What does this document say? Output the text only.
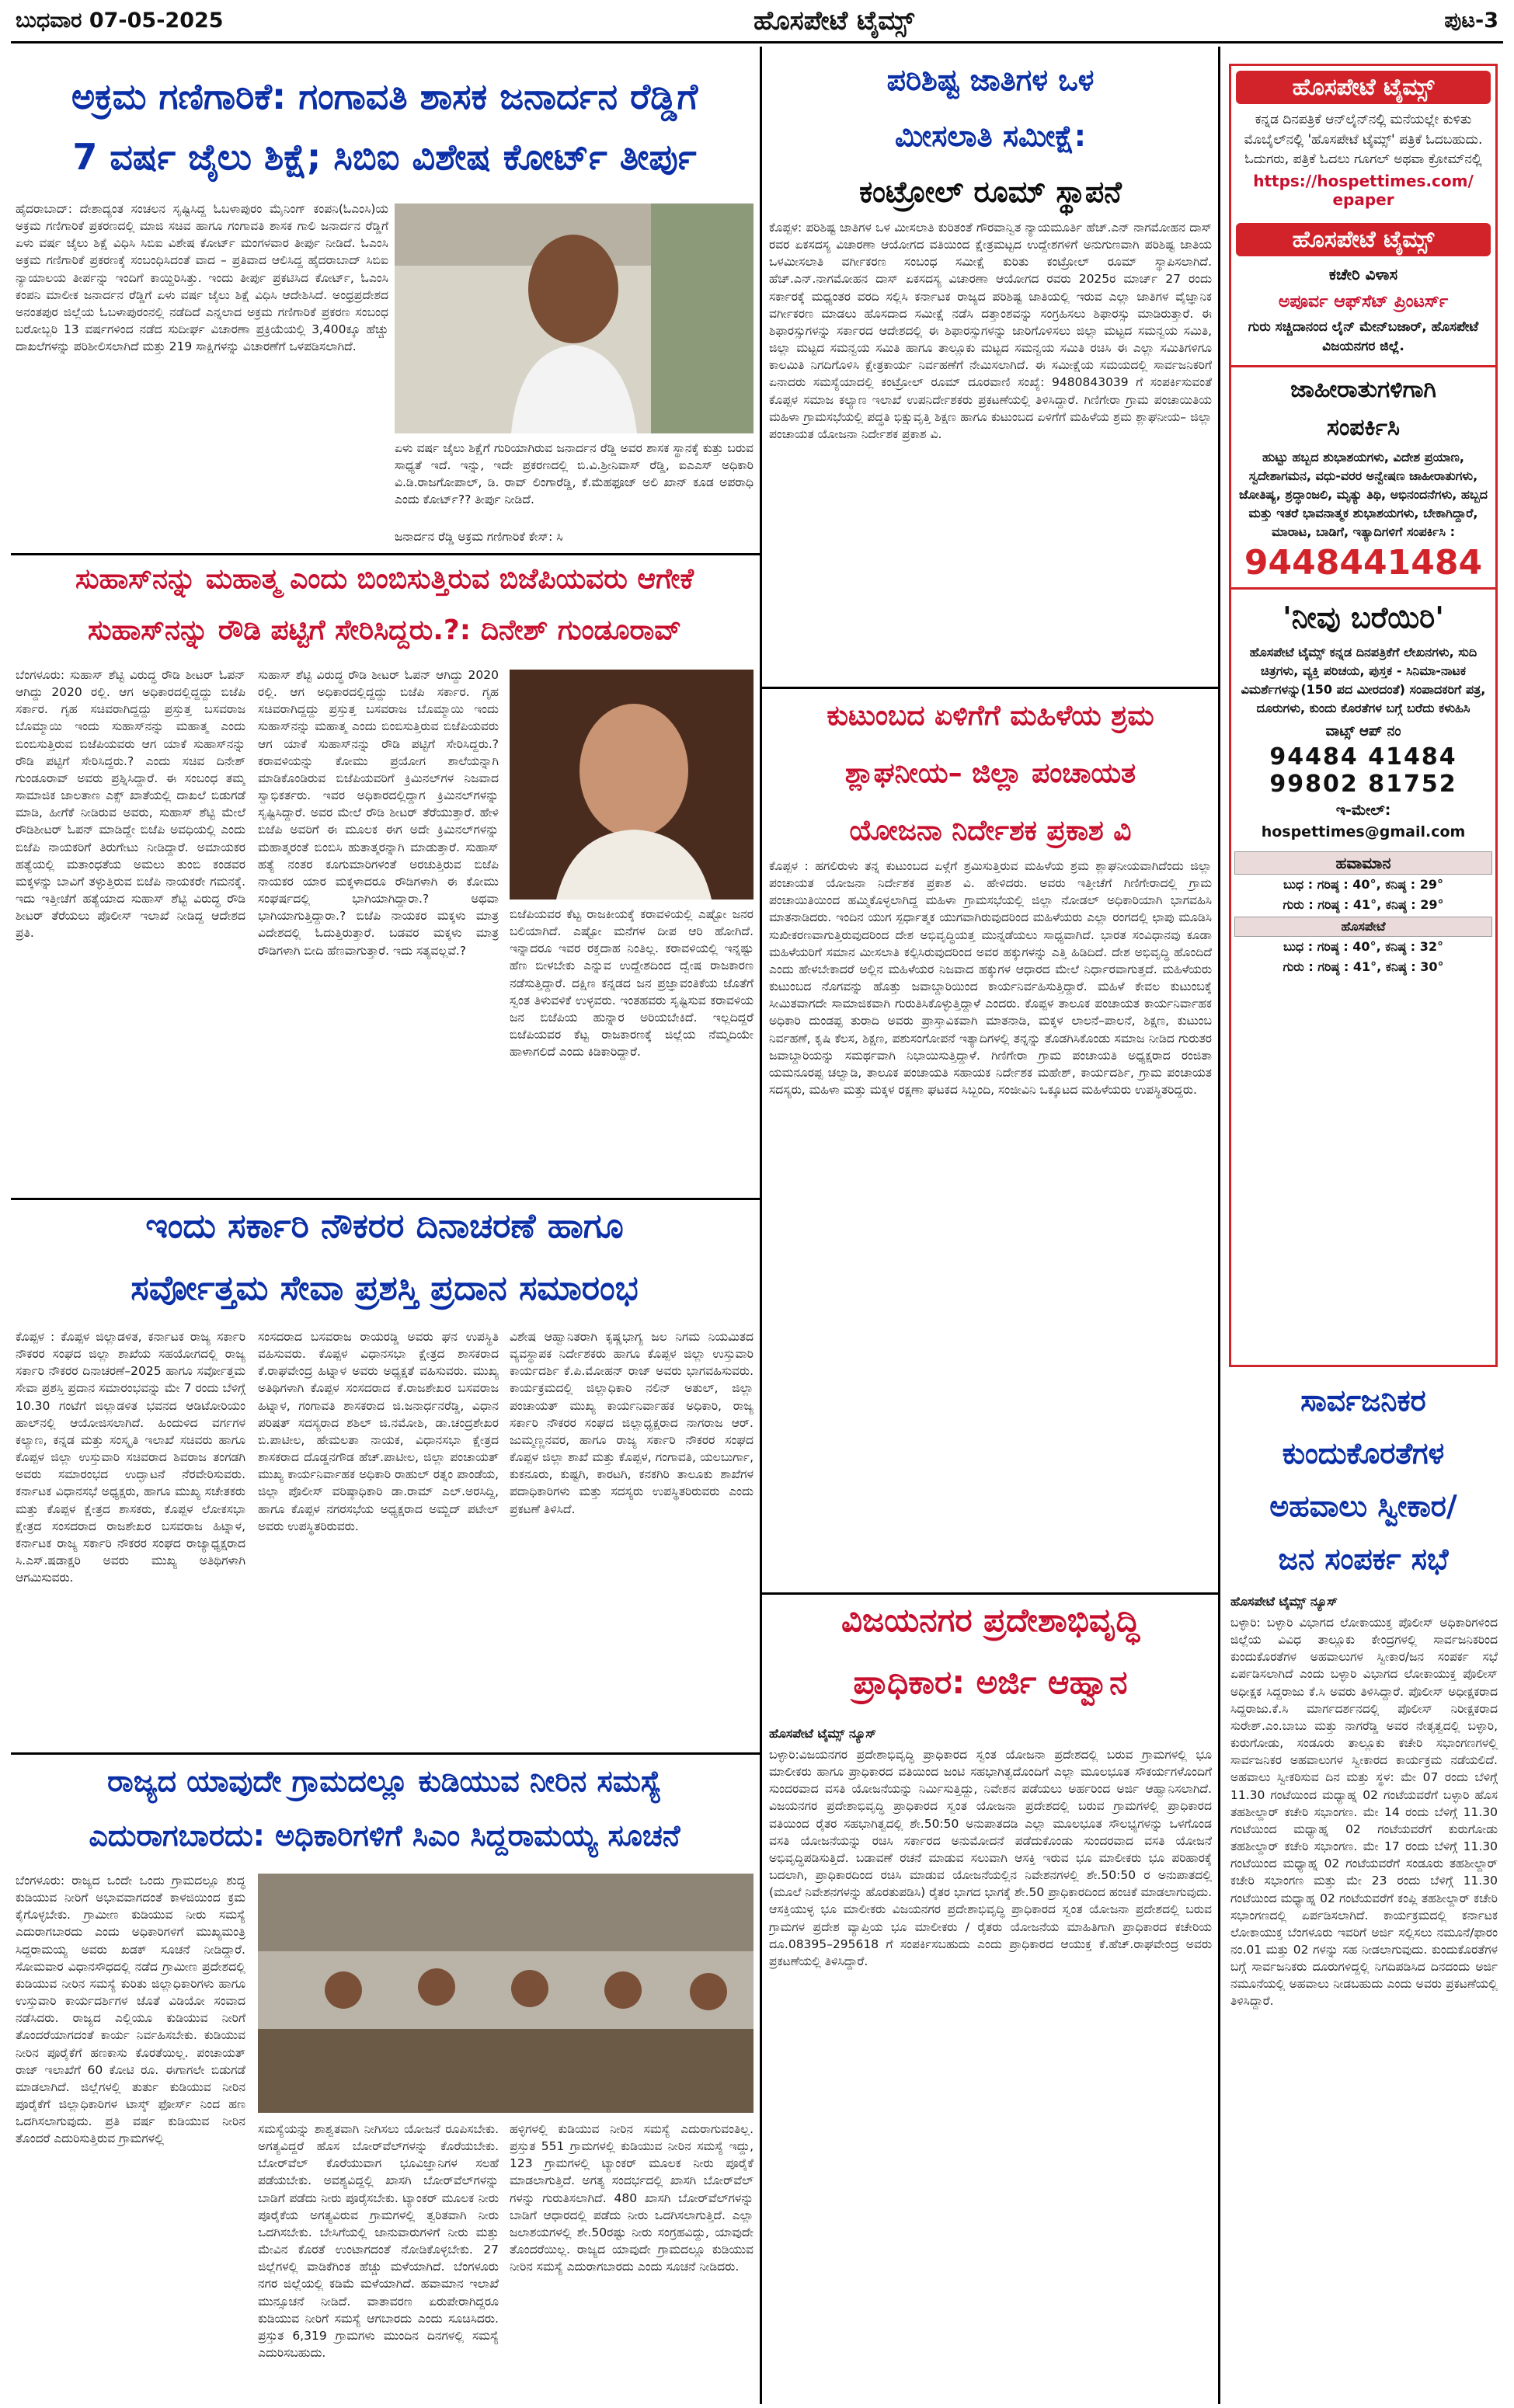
ಬುಧವಾರ 07-05-2025	ಹೊಸಪೇಟೆ ಟೈಮ್ಸ್	ಪುಟ-3
ಅಕ್ರಮ ಗಣಿಗಾರಿಕೆ: ಗಂಗಾವತಿ ಶಾಸಕ ಜನಾರ್ದನ ರೆಡ್ಡಿಗೆ
7 ವರ್ಷ ಜೈಲು ಶಿಕ್ಷೆ; ಸಿಬಿಐ ವಿಶೇಷ ಕೋರ್ಟ್ ತೀರ್ಪು
ಹೈದರಾಬಾದ್: ದೇಶಾದ್ಯಂತ ಸಂಚಲನ ಸೃಷ್ಟಿಸಿದ್ದ ಓಬಳಾಪುರಂ ಮೈನಿಂಗ್ ಕಂಪನಿ(ಓಎಂಸಿ)ಯ ಅಕ್ರಮ ಗಣಿಗಾರಿಕೆ ಪ್ರಕರಣದಲ್ಲಿ ಮಾಜಿ ಸಚಿವ ಹಾಗೂ ಗಂಗಾವತಿ ಶಾಸಕ ಗಾಲಿ ಜನಾರ್ದನ ರೆಡ್ಡಿಗೆ ಏಳು ವರ್ಷ ಜೈಲು ಶಿಕ್ಷೆ ವಿಧಿಸಿ ಸಿಬಿಐ ವಿಶೇಷ ಕೋರ್ಟ್ ಮಂಗಳವಾರ ತೀರ್ಪು ನೀಡಿದೆ. ಓಎಂಸಿ ಅಕ್ರಮ ಗಣಿಗಾರಿಕೆ ಪ್ರಕರಣಕ್ಕೆ ಸಂಬಂಧಿಸಿದಂತೆ ವಾದ – ಪ್ರತಿವಾದ ಆಲಿಸಿದ್ದ ಹೈದರಾಬಾದ್ ಸಿಬಿಐ ನ್ಯಾಯಾಲಯ ತೀರ್ಪನ್ನು ಇಂದಿಗೆ ಕಾಯ್ದಿರಿಸಿತ್ತು. ಇಂದು ತೀರ್ಪು ಪ್ರಕಟಿಸಿದ ಕೋರ್ಟ್, ಓಎಂಸಿ ಕಂಪನಿ ಮಾಲೀಕ ಜನಾರ್ದನ ರೆಡ್ಡಿಗೆ ಏಳು ವರ್ಷ ಜೈಲು ಶಿಕ್ಷೆ ವಿಧಿಸಿ ಆದೇಶಿಸಿದೆ. ಅಂಧ್ರಪ್ರದೇಶದ ಅನಂತಪುರ ಜಿಲ್ಲೆಯ ಓಬಳಾಪುರಂನಲ್ಲಿ ನಡೆದಿದೆ ಎನ್ನಲಾದ ಅಕ್ರಮ ಗಣಿಗಾರಿಕೆ ಪ್ರಕರಣ ಸಂಬಂಧ ಬರೋಬ್ಬರಿ 13 ವರ್ಷಗಳಿಂದ ನಡೆದ ಸುದೀರ್ಘ ವಿಚಾರಣಾ ಪ್ರಕ್ರಿಯೆಯಲ್ಲಿ 3,400ಕ್ಕೂ ಹೆಚ್ಚು ದಾಖಲೆಗಳನ್ನು ಪರಿಶೀಲಿಸಲಾಗಿದೆ ಮತ್ತು 219 ಸಾಕ್ಷಿಗಳನ್ನು ವಿಚಾರಣೆಗೆ ಒಳಪಡಿಸಲಾಗಿದೆ.
ಏಳು ವರ್ಷ ಜೈಲು ಶಿಕ್ಷೆಗೆ ಗುರಿಯಾಗಿರುವ ಜನಾರ್ದನ ರೆಡ್ಡಿ ಅವರ ಶಾಸಕ ಸ್ಥಾನಕ್ಕೆ ಕುತ್ತು ಬರುವ ಸಾಧ್ಯತೆ ಇದೆ. ಇನ್ನು, ಇದೇ ಪ್ರಕರಣದಲ್ಲಿ ಬಿ.ವಿ.ಶ್ರೀನಿವಾಸ್ ರೆಡ್ಡಿ, ಐಎಎಸ್ ಅಧಿಕಾರಿ ವಿ.ಡಿ.ರಾಜಗೋಪಾಲ್, ಡಿ. ರಾವ್ ಲಿಂಗಾರೆಡ್ಡಿ, ಕೆ.ಮೆಹಫೂಜ್ ಅಲಿ ಖಾನ್ ಕೂಡ ಅಪರಾಧಿ ಎಂದು ಕೋರ್ಟ್?? ತೀರ್ಪು ನೀಡಿದೆ.
ಜನಾರ್ದನ ರೆಡ್ಡಿ ಅಕ್ರಮ ಗಣಿಗಾರಿಕೆ ಕೇಸ್: ಸಿ
ಸುಹಾಸ್‌ನನ್ನು ಮಹಾತ್ಮ ಎಂದು ಬಿಂಬಿಸುತ್ತಿರುವ ಬಿಜೆಪಿಯವರು ಆಗೇಕೆ
ಸುಹಾಸ್‌ನನ್ನು ರೌಡಿ ಪಟ್ಟಿಗೆ ಸೇರಿಸಿದ್ದರು.?: ದಿನೇಶ್ ಗುಂಡೂರಾವ್
ಬೆಂಗಳೂರು: ಸುಹಾಸ್ ಶೆಟ್ಟಿ ವಿರುದ್ಧ ರೌಡಿ ಶೀಟರ್ ಓಪನ್ ಆಗಿದ್ದು 2020 ರಲ್ಲಿ. ಆಗ ಅಧಿಕಾರದಲ್ಲಿದ್ದದ್ದು ಬಿಜೆಪಿ ಸರ್ಕಾರ. ಗೃಹ ಸಚಿವರಾಗಿದ್ದದ್ದು ಪ್ರಸ್ತುತ್ತ ಬಸವರಾಜ ಬೊಮ್ಮಾಯಿ ಇಂದು ಸುಹಾಸ್‌ನನ್ನು ಮಹಾತ್ಮ ಎಂದು ಬಿಂಬಿಸುತ್ತಿರುವ ಬಿಜೆಪಿಯವರು ಆಗ ಯಾಕೆ ಸುಹಾಸ್‌ನನ್ನು ರೌಡಿ ಪಟ್ಟಿಗೆ ಸೇರಿಸಿದ್ದರು.? ಎಂದು ಸಚಿವ ದಿನೇಶ್ ಗುಂಡೂರಾವ್ ಅವರು ಪ್ರಶ್ನಿಸಿದ್ದಾರೆ. ಈ ಸಂಬಂಧ ತಮ್ಮ ಸಾಮಾಜಿಕ ಜಾಲತಾಣ ಎಕ್ಸ್ ಖಾತೆಯಲ್ಲಿ ದಾಖಲೆ ಬಿಡುಗಡೆ ಮಾಡಿ, ಹೀಗೆಕೆ ನೀಡಿರುವ ಅವರು, ಸುಹಾಸ್ ಶೆಟ್ಟಿ ಮೇಲೆ ರೌಡಿಶೀಟರ್ ಓಪನ್ ಮಾಡಿದ್ದೇ ಬಿಜೆಪಿ ಅವಧಿಯಲ್ಲಿ ಎಂದು ಬಿಜೆಪಿ ನಾಯಕರಿಗೆ ತಿರುಗೇಟು ನೀಡಿದ್ದಾರೆ. ಅಮಾಯಕರ ಹತ್ಯೆಯಲ್ಲಿ ಮತಾಂಧತೆಯ ಅಮಲು ತುಂಬಿ ಕಂಡವರ ಮಕ್ಕಳನ್ನು ಬಾವಿಗೆ ತಳ್ಳುತ್ತಿರುವ ಬಿಜೆಪಿ ನಾಯಕರೇ ಗಮನಕ್ಕೆ. ಇದು ಇತ್ತೀಚೆಗೆ ಹತ್ಯೆಯಾದ ಸುಹಾಸ್ ಶೆಟ್ಟಿ ವಿರುದ್ಧ ರೌಡಿ ಶೀಟರ್ ತೆರೆಯಲು ಪೊಲೀಸ್ ಇಲಾಖೆ ನೀಡಿದ್ದ ಆದೇಶದ ಪ್ರತಿ.
ಸುಹಾಸ್ ಶೆಟ್ಟಿ ವಿರುದ್ಧ ರೌಡಿ ಶೀಟರ್ ಓಪನ್ ಆಗಿದ್ದು 2020 ರಲ್ಲಿ. ಆಗ ಅಧಿಕಾರದಲ್ಲಿದ್ದದ್ದು ಬಿಜೆಪಿ ಸರ್ಕಾರ. ಗೃಹ ಸಚಿವರಾಗಿದ್ದದ್ದು ಪ್ರಸ್ತುತ್ತ ಬಸವರಾಜ ಬೊಮ್ಮಾಯಿ ಇಂದು ಸುಹಾಸ್‌ನನ್ನು ಮಹಾತ್ಮ ಎಂದು ಬಿಂಬಿಸುತ್ತಿರುವ ಬಿಜೆಪಿಯವರು ಆಗ ಯಾಕೆ ಸುಹಾಸ್‌ನನ್ನು ರೌಡಿ ಪಟ್ಟಿಗೆ ಸೇರಿಸಿದ್ದರು.? ಕರಾವಳಿಯನ್ನು ಕೋಮು ಪ್ರಯೋಗ ಶಾಲೆಯನ್ನಾಗಿ ಮಾಡಿಕೊಂಡಿರುವ ಬಿಜೆಪಿಯವರಿಗೆ ಕ್ರಿಮಿನಲ್‌ಗಳ ನಿಜವಾದ ಸ್ವಾಭಿಕರ್ತರು. ಇವರ ಅಧಿಕಾರದಲ್ಲಿದ್ದಾಗ ಕ್ರಿಮಿನಲ್‌ಗಳನ್ನು ಸೃಷ್ಟಿಸಿದ್ದಾರೆ. ಅವರ ಮೇಲೆ ರೌಡಿ ಶೀಟರ್ ತೆರೆಯುತ್ತಾರೆ. ಹೇಳಿ ಬಿಜೆಪಿ ಅವರಿಗೆ ಈ ಮೂಲಕ ಈಗ ಅದೇ ಕ್ರಿಮಿನಲ್‌ಗಳನ್ನು ಮಹಾತ್ಮರಂತೆ ಬಿಂಬಿಸಿ ಹುತಾತ್ಮರನ್ನಾಗಿ ಮಾಡುತ್ತಾರೆ. ಸುಹಾಸ್ ಹತ್ಯೆ ನಂತರ ಕೂಗುಮಾರಿಗಳಂತೆ ಅರಚುತ್ತಿರುವ ಬಿಜೆಪಿ ನಾಯಕರ ಯಾರ ಮಕ್ಕಳಾದರೂ ರೌಡಿಗಳಾಗಿ ಈ ಕೋಮು ಸಂಘರ್ಷದಲ್ಲಿ ಭಾಗಿಯಾಗಿದ್ದಾರಾ.? ಅಥವಾ ಭಾಗಿಯಾಗುತ್ತಿದ್ದಾರಾ.? ಬಿಜೆಪಿ ನಾಯಕರ ಮಕ್ಕಳು ಮಾತ್ರ ವಿದೇಶದಲ್ಲಿ ಓದುತ್ತಿರುತ್ತಾರೆ. ಬಡವರ ಮಕ್ಕಳು ಮಾತ್ರ ರೌಡಿಗಳಾಗಿ ಬೀದಿ ಹೆಣವಾಗುತ್ತಾರೆ. ಇದು ಸತ್ಯವಲ್ಲವೆ.?
ಬಿಜೆಪಿಯವರ ಕೆಟ್ಟ ರಾಜಕೀಯಕ್ಕೆ ಕರಾವಳಿಯಲ್ಲಿ ಎಷ್ಟೋ ಜನರ ಬಲಿಯಾಗಿದೆ. ಎಷ್ಟೋ ಮನೆಗಳ ದೀಪ ಆರಿ ಹೋಗಿದೆ. ಇನ್ನಾದರೂ ಇವರ ರಕ್ತದಾಹ ನಿಂತಿಲ್ಲ. ಕರಾವಳಿಯಲ್ಲಿ ಇನ್ನಷ್ಟು ಹೆಣ ಬೀಳಬೇಕು ಎನ್ನುವ ಉದ್ದೇಶದಿಂದ ದ್ವೇಷ ರಾಜಕಾರಣ ನಡೆಸುತ್ತಿದ್ದಾರೆ. ದಕ್ಷಿಣ ಕನ್ನಡದ ಜನ ಪ್ರಜ್ಞಾವಂತಿಕೆಯ ಜೊತೆಗೆ ಸ್ವಂತ ತಿಳುವಳಿಕೆ ಉಳ್ಳವರು. ಇಂತಹವರು ಸೃಷ್ಟಿಸುವ ಕರಾವಳಿಯ ಜನ ಬಿಜೆಪಿಯ ಹುನ್ನಾರ ಅರಿಯಬೇಕಿದೆ. ಇಲ್ಲದಿದ್ದರೆ ಬಿಜೆಪಿಯವರ ಕೆಟ್ಟ ರಾಜಕಾರಣಕ್ಕೆ ಜಿಲ್ಲೆಯ ನೆಮ್ಮದಿಯೇ ಹಾಳಾಗಲಿದೆ ಎಂದು ಕಿಡಿಕಾರಿದ್ದಾರೆ.
ಇಂದು ಸರ್ಕಾರಿ ನೌಕರರ ದಿನಾಚರಣೆ ಹಾಗೂ
ಸರ್ವೋತ್ತಮ ಸೇವಾ ಪ್ರಶಸ್ತಿ ಪ್ರದಾನ ಸಮಾರಂಭ
ಕೊಪ್ಪಳ : ಕೊಪ್ಪಳ ಜಿಲ್ಲಾಡಳಿತ, ಕರ್ನಾಟಕ ರಾಜ್ಯ ಸರ್ಕಾರಿ ನೌಕರರ ಸಂಘದ ಜಿಲ್ಲಾ ಶಾಖೆಯ ಸಹಯೋಗದಲ್ಲಿ ರಾಜ್ಯ ಸರ್ಕಾರಿ ನೌಕರರ ದಿನಾಚರಣೆ–2025 ಹಾಗೂ ಸರ್ವೋತ್ತಮ ಸೇವಾ ಪ್ರಶಸ್ತಿ ಪ್ರದಾನ ಸಮಾರಂಭವನ್ನು ಮೇ 7 ರಂದು ಬೆಳಿಗ್ಗೆ 10.30 ಗಂಟೆಗೆ ಜಿಲ್ಲಾಡಳಿತ ಭವನದ ಆಡಿಟೋರಿಯಂ ಹಾಲ್‌ನಲ್ಲಿ ಆಯೋಜಿಸಲಾಗಿದೆ. ಹಿಂದುಳಿದ ವರ್ಗಗಳ ಕಲ್ಯಾಣ, ಕನ್ನಡ ಮತ್ತು ಸಂಸ್ಕೃತಿ ಇಲಾಖೆ ಸಚಿವರು ಹಾಗೂ ಕೊಪ್ಪಳ ಜಿಲ್ಲಾ ಉಸ್ತುವಾರಿ ಸಚಿವರಾದ ಶಿವರಾಜ ತಂಗಡಗಿ ಅವರು ಸಮಾರಂಭದ ಉದ್ಘಾಟನೆ ನೆರವೇರಿಸುವರು. ಕರ್ನಾಟಕ ವಿಧಾನಸಭೆ ಅಧ್ಯಕ್ಷರು, ಹಾಗೂ ಮುಖ್ಯ ಸಚೇತಕರು ಮತ್ತು ಕೊಪ್ಪಳ ಕ್ಷೇತ್ರದ ಶಾಸಕರು, ಕೊಪ್ಪಳ ಲೋಕಸಭಾ ಕ್ಷೇತ್ರದ ಸಂಸದರಾದ ರಾಜಶೇಖರ ಬಸವರಾಜ ಹಿಟ್ನಾಳ, ಕರ್ನಾಟಕ ರಾಜ್ಯ ಸರ್ಕಾರಿ ನೌಕರರ ಸಂಘದ ರಾಜ್ಯಾಧ್ಯಕ್ಷರಾದ ಸಿ.ಎಸ್.ಷಡಾಕ್ಷರಿ ಅವರು ಮುಖ್ಯ ಅತಿಥಿಗಳಾಗಿ ಆಗಮಿಸುವರು.
ಸಂಸದರಾದ ಬಸವರಾಜ ರಾಯರಡ್ಡಿ ಅವರು ಘನ ಉಪಸ್ಥಿತಿ ವಹಿಸುವರು. ಕೊಪ್ಪಳ ವಿಧಾನಸಭಾ ಕ್ಷೇತ್ರದ ಶಾಸಕರಾದ ಕೆ.ರಾಘವೇಂದ್ರ ಹಿಟ್ನಾಳ ಅವರು ಅಧ್ಯಕ್ಷತೆ ವಹಿಸುವರು. ಮುಖ್ಯ ಅತಿಥಿಗಳಾಗಿ ಕೊಪ್ಪಳ ಸಂಸದರಾದ ಕೆ.ರಾಜಶೇಖರ ಬಸವರಾಜ ಹಿಟ್ನಾಳ, ಗಂಗಾವತಿ ಶಾಸಕರಾದ ಜಿ.ಜನಾರ್ಧನರೆಡ್ಡಿ, ವಿಧಾನ ಪರಿಷತ್ ಸದಸ್ಯರಾದ ಶಶಿಲ್ ಜಿ.ನಮೋಶಿ, ಡಾ.ಚಂದ್ರಶೇಖರ ಬಿ.ಪಾಟೀಲ, ಹೇಮಲತಾ ನಾಯಕ, ವಿಧಾನಸಭಾ ಕ್ಷೇತ್ರದ ಶಾಸಕರಾದ ದೊಡ್ಡನಗೌಡ ಹೆಚ್.ಪಾಟೀಲ, ಜಿಲ್ಲಾ ಪಂಚಾಯತ್ ಮುಖ್ಯ ಕಾರ್ಯನಿರ್ವಾಹಕ ಅಧಿಕಾರಿ ರಾಹುಲ್ ರತ್ನಂ ಪಾಂಡೆಯ, ಜಿಲ್ಲಾ ಪೊಲೀಸ್ ವರಿಷ್ಠಾಧಿಕಾರಿ ಡಾ.ರಾಮ್ ಎಲ್.ಅರಸಿದ್ದಿ, ಹಾಗೂ ಕೊಪ್ಪಳ ನಗರಸಭೆಯ ಅಧ್ಯಕ್ಷರಾದ ಅಮ್ಜದ್ ಪಟೇಲ್ ಅವರು ಉಪಸ್ಥಿತರಿರುವರು.
ವಿಶೇಷ ಆಹ್ವಾನಿತರಾಗಿ ಕೃಷ್ಣಭಾಗ್ಯ ಜಲ ನಿಗಮ ನಿಯಮಿತದ ವ್ಯವಸ್ಥಾಪಕ ನಿರ್ದೇಶಕರು ಹಾಗೂ ಕೊಪ್ಪಳ ಜಿಲ್ಲಾ ಉಸ್ತುವಾರಿ ಕಾರ್ಯದರ್ಶಿ ಕೆ.ಪಿ.ಮೋಹನ್ ರಾಜ್ ಅವರು ಭಾಗವಹಿಸುವರು. ಕಾರ್ಯಕ್ರಮದಲ್ಲಿ ಜಿಲ್ಲಾಧಿಕಾರಿ ನಲಿನ್ ಅತುಲ್, ಜಿಲ್ಲಾ ಪಂಚಾಯತ್ ಮುಖ್ಯ ಕಾರ್ಯನಿರ್ವಾಹಕ ಅಧಿಕಾರಿ, ರಾಜ್ಯ ಸರ್ಕಾರಿ ನೌಕರರ ಸಂಘದ ಜಿಲ್ಲಾಧ್ಯಕ್ಷರಾದ ನಾಗರಾಜ ಆರ್. ಜುಮ್ಮಣ್ಣನವರ, ಹಾಗೂ ರಾಜ್ಯ ಸರ್ಕಾರಿ ನೌಕರರ ಸಂಘದ ಕೊಪ್ಪಳ ಜಿಲ್ಲಾ ಶಾಖೆ ಮತ್ತು ಕೊಪ್ಪಳ, ಗಂಗಾವತಿ, ಯಲಬುರ್ಗಾ, ಕುಕನೂರು, ಕುಷ್ಟಗಿ, ಕಾರಟಗಿ, ಕನಕಗಿರಿ ತಾಲೂಕು ಶಾಖೆಗಳ ಪದಾಧಿಕಾರಿಗಳು ಮತ್ತು ಸದಸ್ಯರು ಉಪಸ್ಥಿತರಿರುವರು ಎಂದು ಪ್ರಕಟಣೆ ತಿಳಿಸಿದೆ.
ರಾಜ್ಯದ ಯಾವುದೇ ಗ್ರಾಮದಲ್ಲೂ ಕುಡಿಯುವ ನೀರಿನ ಸಮಸ್ಯೆ
ಎದುರಾಗಬಾರದು: ಅಧಿಕಾರಿಗಳಿಗೆ ಸಿಎಂ ಸಿದ್ದರಾಮಯ್ಯ ಸೂಚನೆ
ಬೆಂಗಳೂರು: ರಾಜ್ಯದ ಒಂದೇ ಒಂದು ಗ್ರಾಮದಲ್ಲೂ ಶುದ್ಧ ಕುಡಿಯುವ ನೀರಿಗೆ ಅಭಾವವಾಗದಂತೆ ಕಾಳಜಿಯಿಂದ ಕ್ರಮ ಕೈಗೊಳ್ಳಬೇಕು. ಗ್ರಾಮೀಣ ಕುಡಿಯುವ ನೀರು ಸಮಸ್ಯೆ ಎದುರಾಗಬಾರದು ಎಂದು ಅಧಿಕಾರಿಗಳಿಗೆ ಮುಖ್ಯಮಂತ್ರಿ ಸಿದ್ದರಾಮಯ್ಯ ಅವರು ಖಡಕ್ ಸೂಚನೆ ನೀಡಿದ್ದಾರೆ. ಸೋಮವಾರ ವಿಧಾನಸೌಧದಲ್ಲಿ ನಡೆದ ಗ್ರಾಮೀಣ ಪ್ರದೇಶದಲ್ಲಿ ಕುಡಿಯುವ ನೀರಿನ ಸಮಸ್ಯೆ ಕುರಿತು ಜಿಲ್ಲಾಧಿಕಾರಿಗಳು ಹಾಗೂ ಉಸ್ತುವಾರಿ ಕಾರ್ಯದರ್ಶಿಗಳ ಜೊತೆ ವಿಡಿಯೋ ಸಂವಾದ ನಡೆಸಿದರು. ರಾಜ್ಯದ ಎಲ್ಲಿಯೂ ಕುಡಿಯುವ ನೀರಿಗೆ ತೊಂದರೆಯಾಗದಂತೆ ಕಾರ್ಯ ನಿರ್ವಹಿಸಬೇಕು. ಕುಡಿಯುವ ನೀರಿನ ಪೂರೈಕೆಗೆ ಹಣಕಾಸು ಕೊರತೆಯಿಲ್ಲ. ಪಂಚಾಯತ್ ರಾಜ್ ಇಲಾಖೆಗೆ 60 ಕೋಟಿ ರೂ. ಈಗಾಗಲೇ ಬಿಡುಗಡೆ ಮಾಡಲಾಗಿದೆ. ಜಿಲ್ಲೆಗಳಲ್ಲಿ ತುರ್ತು ಕುಡಿಯುವ ನೀರಿನ ಪೂರೈಕೆಗೆ ಜಿಲ್ಲಾಧಿಕಾರಿಗಳ ಟಾಸ್ಕ್ ಫೋರ್ಸ್ ನಿಂದ ಹಣ ಒದಗಿಸಲಾಗುವುದು. ಪ್ರತಿ ವರ್ಷ ಕುಡಿಯುವ ನೀರಿನ ತೊಂದರೆ ಎದುರಿಸುತ್ತಿರುವ ಗ್ರಾಮಗಳಲ್ಲಿ
ಸಮಸ್ಯೆಯನ್ನು ಶಾಶ್ವತವಾಗಿ ನೀಗಿಸಲು ಯೋಜನೆ ರೂಪಿಸಬೇಕು. ಅಗತ್ಯವಿದ್ದರೆ ಹೊಸ ಬೋರ್‌ವೆಲ್‌ಗಳನ್ನು ಕೊರೆಯಬೇಕು. ಬೋರ್‌ವೆಲ್ ಕೊರೆಯುವಾಗ ಭೂವಿಜ್ಞಾನಿಗಳ ಸಲಹೆ ಪಡೆಯಬೇಕು. ಅವಶ್ಯವಿದ್ದಲ್ಲಿ ಖಾಸಗಿ ಬೋರ್‌ವೆಲ್‌ಗಳನ್ನು ಬಾಡಿಗೆ ಪಡೆದು ನೀರು ಪೂರೈಸಬೇಕು. ಟ್ಯಾಂಕರ್ ಮೂಲಕ ನೀರು ಪೂರೈಕೆಯ ಅಗತ್ಯವಿರುವ ಗ್ರಾಮಗಳಲ್ಲಿ ತ್ವರಿತವಾಗಿ ನೀರು ಒದಗಿಸಬೇಕು. ಬೇಸಿಗೆಯಲ್ಲಿ ಜಾನುವಾರುಗಳಿಗೆ ನೀರು ಮತ್ತು ಮೇವಿನ ಕೊರತೆ ಉಂಟಾಗದಂತೆ ನೋಡಿಕೊಳ್ಳಬೇಕು. 27 ಜಿಲ್ಲೆಗಳಲ್ಲಿ ವಾಡಿಕೆಗಿಂತ ಹೆಚ್ಚು ಮಳೆಯಾಗಿದೆ. ಬೆಂಗಳೂರು ನಗರ ಜಿಲ್ಲೆಯಲ್ಲಿ ಕಡಿಮೆ ಮಳೆಯಾಗಿದೆ. ಹವಾಮಾನ ಇಲಾಖೆ ಮುನ್ಸೂಚನೆ ನೀಡಿದೆ. ವಾತಾವರಣ ಏರುಪೇರಾಗಿದ್ದರೂ ಕುಡಿಯುವ ನೀರಿಗೆ ಸಮಸ್ಯೆ ಆಗಬಾರದು ಎಂದು ಸೂಚಿಸಿದರು. ಪ್ರಸ್ತುತ 6,319 ಗ್ರಾಮಗಳು ಮುಂದಿನ ದಿನಗಳಲ್ಲಿ ಸಮಸ್ಯೆ ಎದುರಿಸಬಹುದು.
ಹಳ್ಳಿಗಳಲ್ಲಿ ಕುಡಿಯುವ ನೀರಿನ ಸಮಸ್ಯೆ ಎದುರಾಗುವಂತಿಲ್ಲ. ಪ್ರಸ್ತುತ 551 ಗ್ರಾಮಗಳಲ್ಲಿ ಕುಡಿಯುವ ನೀರಿನ ಸಮಸ್ಯೆ ಇದ್ದು, 123 ಗ್ರಾಮಗಳಲ್ಲಿ ಟ್ಯಾಂಕರ್ ಮೂಲಕ ನೀರು ಪೂರೈಕೆ ಮಾಡಲಾಗುತ್ತಿದೆ. ಅಗತ್ಯ ಸಂದರ್ಭದಲ್ಲಿ ಖಾಸಗಿ ಬೋರ್‌ವೆಲ್ ಗಳನ್ನು ಗುರುತಿಸಲಾಗಿದೆ. 480 ಖಾಸಗಿ ಬೋರ್‌ವೆಲ್‌ಗಳನ್ನು ಬಾಡಿಗೆ ಆಧಾರದಲ್ಲಿ ಪಡೆದು ನೀರು ಒದಗಿಸಲಾಗುತ್ತಿದೆ. ಎಲ್ಲಾ ಜಲಾಶಯಗಳಲ್ಲಿ ಶೇ.50ರಷ್ಟು ನೀರು ಸಂಗ್ರಹವಿದ್ದು, ಯಾವುದೇ ತೊಂದರೆಯಿಲ್ಲ. ರಾಜ್ಯದ ಯಾವುದೇ ಗ್ರಾಮದಲ್ಲೂ ಕುಡಿಯುವ ನೀರಿನ ಸಮಸ್ಯೆ ಎದುರಾಗಬಾರದು ಎಂದು ಸೂಚನೆ ನೀಡಿದರು.
ಪರಿಶಿಷ್ಟ ಜಾತಿಗಳ ಒಳ
ಮೀಸಲಾತಿ ಸಮೀಕ್ಷೆ:
ಕಂಟ್ರೋಲ್ ರೂಮ್ ಸ್ಥಾಪನೆ
ಕೊಪ್ಪಳ: ಪರಿಶಿಷ್ಟ ಜಾತಿಗಳ ಒಳ ಮೀಸಲಾತಿ ಕುರಿತಂತೆ ಗೌರವಾನ್ವಿತ ನ್ಯಾಯಮೂರ್ತಿ ಹೆಚ್.ಎನ್ ನಾಗಮೋಹನ ದಾಸ್ ರವರ ಏಕಸದಸ್ಯ ವಿಚಾರಣಾ ಆಯೋಗದ ವತಿಯಿಂದ ಕ್ಷೇತ್ರಮಟ್ಟದ ಉದ್ದೇಶಗಳಿಗೆ ಅನುಗುಣವಾಗಿ ಪರಿಶಿಷ್ಟ ಜಾತಿಯ ಒಳಮೀಸಲಾತಿ ವರ್ಗೀಕರಣ ಸಂಬಂಧ ಸಮೀಕ್ಷೆ ಕುರಿತು ಕಂಟ್ರೋಲ್ ರೂಮ್ ಸ್ಥಾಪಿಸಲಾಗಿದೆ. ಹೆಚ್.ಎನ್.ನಾಗಮೋಹನ ದಾಸ್ ಏಕಸದಸ್ಯ ವಿಚಾರಣಾ ಆಯೋಗದ ರವರು 2025ರ ಮಾರ್ಚ್ 27 ರಂದು ಸರ್ಕಾರಕ್ಕೆ ಮಧ್ಯಂತರ ವರದಿ ಸಲ್ಲಿಸಿ ಕರ್ನಾಟಕ ರಾಜ್ಯದ ಪರಿಶಿಷ್ಟ ಜಾತಿಯಲ್ಲಿ ಇರುವ ಎಲ್ಲಾ ಜಾತಿಗಳ ವೈಜ್ಞಾನಿಕ ವರ್ಗೀಕರಣ ಮಾಡಲು ಹೊಸದಾದ ಸಮೀಕ್ಷೆ ನಡೆಸಿ ದತ್ತಾಂಶವನ್ನು ಸಂಗ್ರಹಿಸಲು ಶಿಫಾರಸ್ಸು ಮಾಡಿರುತ್ತಾರೆ. ಈ ಶಿಫಾರಸ್ಸುಗಳನ್ನು ಸರ್ಕಾರದ ಆದೇಶದಲ್ಲಿ ಈ ಶಿಫಾರಸ್ಸುಗಳನ್ನು ಜಾರಿಗೊಳಿಸಲು ಜಿಲ್ಲಾ ಮಟ್ಟದ ಸಮನ್ವಯ ಸಮಿತಿ, ಜಿಲ್ಲಾ ಮಟ್ಟದ ಸಮನ್ವಯ ಸಮಿತಿ ಹಾಗೂ ತಾಲ್ಲೂಕು ಮಟ್ಟದ ಸಮನ್ವಯ ಸಮಿತಿ ರಚಿಸಿ ಈ ಎಲ್ಲಾ ಸಮಿತಿಗಳಿಗೂ ಕಾಲಮಿತಿ ನಿಗದಿಗೊಳಿಸಿ ಕ್ಷೇತ್ರಕಾರ್ಯ ನಿರ್ವಹಣೆಗೆ ನೇಮಿಸಲಾಗಿದೆ. ಈ ಸಮೀಕ್ಷೆಯ ಸಮಯದಲ್ಲಿ ಸಾರ್ವಜನಿಕರಿಗೆ ಏನಾದರು ಸಮಸ್ಯೆಯಾದಲ್ಲಿ ಕಂಟ್ರೋಲ್ ರೂಮ್ ದೂರವಾಣಿ ಸಂಖ್ಯೆ: 9480843039 ಗೆ ಸಂಪರ್ಕಿಸುವಂತೆ ಕೊಪ್ಪಳ ಸಮಾಜ ಕಲ್ಯಾಣ ಇಲಾಖೆ ಉಪನಿರ್ದೇಶಕರು ಪ್ರಕಟಣೆಯಲ್ಲಿ ತಿಳಿಸಿದ್ದಾರೆ. ಗಿಣಿಗೇರಾ ಗ್ರಾಮ ಪಂಚಾಯಿತಿಯ ಮಹಿಳಾ ಗ್ರಾಮಸಭೆಯಲ್ಲಿ ಪದ್ಧತಿ ಭಿಕ್ಷುವೃತ್ತಿ ಶಿಕ್ಷಣ ಹಾಗೂ ಕುಟುಂಬದ ಏಳಿಗೆಗೆ ಮಹಿಳೆಯ ಶ್ರಮ ಶ್ಲಾಘನೀಯ– ಜಿಲ್ಲಾ ಪಂಚಾಯತ ಯೋಜನಾ ನಿರ್ದೇಶಕ ಪ್ರಕಾಶ ವಿ.
ಕುಟುಂಬದ ಏಳಿಗೆಗೆ ಮಹಿಳೆಯ ಶ್ರಮ
ಶ್ಲಾಘನೀಯ– ಜಿಲ್ಲಾ ಪಂಚಾಯತ
ಯೋಜನಾ ನಿರ್ದೇಶಕ ಪ್ರಕಾಶ ವಿ
ಕೊಪ್ಪಳ : ಹಗಲಿರುಳು ತನ್ನ ಕುಟುಂಬದ ಏಳ್ಗೆಗೆ ಶ್ರಮಿಸುತ್ತಿರುವ ಮಹಿಳೆಯ ಶ್ರಮ ಶ್ಲಾಘನೀಯವಾಗಿದೆಂದು ಜಿಲ್ಲಾ ಪಂಚಾಯತ ಯೋಜನಾ ನಿರ್ದೇಶಕ ಪ್ರಕಾಶ ವಿ. ಹೇಳಿದರು. ಅವರು ಇತ್ತೀಚೆಗೆ ಗಿಣಿಗೇರಾದಲ್ಲಿ ಗ್ರಾಮ ಪಂಚಾಯಿತಿಯಿಂದ ಹಮ್ಮಿಕೊಳ್ಳಲಾಗಿದ್ದ ಮಹಿಳಾ ಗ್ರಾಮಸಭೆಯಲ್ಲಿ ಜಿಲ್ಲಾ ನೋಡಲ್ ಅಧಿಕಾರಿಯಾಗಿ ಭಾಗವಹಿಸಿ ಮಾತನಾಡಿದರು. ಇಂದಿನ ಯುಗ ಸ್ಪರ್ಧಾತ್ಮಕ ಯುಗವಾಗಿರುವುದರಿಂದ ಮಹಿಳೆಯರು ಎಲ್ಲಾ ರಂಗದಲ್ಲಿ ಛಾಪು ಮೂಡಿಸಿ ಸುಖೀಕರಣವಾಗುತ್ತಿರುವುದರಿಂದ ದೇಶ ಅಭಿವೃದ್ಧಿಯತ್ತ ಮುನ್ನಡೆಯಲು ಸಾಧ್ಯವಾಗಿದೆ. ಭಾರತ ಸಂವಿಧಾನವು ಕೂಡಾ ಮಹಿಳೆಯರಿಗೆ ಸಮಾನ ಮೀಸಲಾತಿ ಕಲ್ಪಿಸಿರುವುದರಿಂದ ಅವರ ಹಕ್ಕುಗಳನ್ನು ಎತ್ತಿ ಹಿಡಿದಿದೆ. ದೇಶ ಅಭಿವೃದ್ಧಿ ಹೊಂದಿದೆ ಎಂದು ಹೇಳಬೇಕಾದರೆ ಅಲ್ಲಿನ ಮಹಿಳೆಯರ ನಿಜವಾದ ಹಕ್ಕುಗಳ ಆಧಾರದ ಮೇಲೆ ನಿರ್ಧಾರವಾಗುತ್ತದೆ. ಮಹಿಳೆಯರು ಕುಟುಂಬದ ನೊಗವನ್ನು ಹೊತ್ತು ಜವಾಬ್ದಾರಿಯಿಂದ ಕಾರ್ಯನಿರ್ವಹಿಸುತ್ತಿದ್ದಾರೆ. ಮಹಿಳೆ ಕೇವಲ ಕುಟುಂಬಕ್ಕೆ ಸೀಮಿತವಾಗದೇ ಸಾಮಾಜಿಕವಾಗಿ ಗುರುತಿಸಿಕೊಳ್ಳುತ್ತಿದ್ದಾಳೆ ಎಂದರು. ಕೊಪ್ಪಳ ತಾಲೂಕ ಪಂಚಾಯತ ಕಾರ್ಯನಿರ್ವಾಹಕ ಅಧಿಕಾರಿ ದುಂಡಪ್ಪ ತುರಾದಿ ಅವರು ಪ್ರಾಸ್ತಾವಿಕವಾಗಿ ಮಾತನಾಡಿ, ಮಕ್ಕಳ ಲಾಲನೆ–ಪಾಲನೆ, ಶಿಕ್ಷಣ, ಕುಟುಂಬ ನಿರ್ವಹಣೆ, ಕೃಷಿ ಕೆಲಸ, ಶಿಕ್ಷಣ, ಪಶುಸಂಗೋಪನೆ ಇತ್ಯಾದಿಗಳಲ್ಲಿ ತನ್ನನ್ನು ತೊಡಗಿಸಿಕೊಂಡು ಸಮಾಜ ನೀಡಿದ ಗುರುತರ ಜವಾಬ್ದಾರಿಯನ್ನು ಸಮರ್ಥವಾಗಿ ನಿಭಾಯಿಸುತ್ತಿದ್ದಾಳೆ. ಗಿಣಿಗೇರಾ ಗ್ರಾಮ ಪಂಚಾಯತಿ ಅಧ್ಯಕ್ಷರಾದ ರಂಜಿತಾ ಯಮನೂರಪ್ಪ ಚಲ್ವಾಡಿ, ತಾಲೂಕ ಪಂಚಾಯತಿ ಸಹಾಯಕ ನಿರ್ದೇಶಕ ಮಹೇಶ್, ಕಾರ್ಯದರ್ಶಿ, ಗ್ರಾಮ ಪಂಚಾಯತ ಸದಸ್ಯರು, ಮಹಿಳಾ ಮತ್ತು ಮಕ್ಕಳ ರಕ್ಷಣಾ ಘಟಕದ ಸಿಬ್ಬಂದಿ, ಸಂಜೀವಿನಿ ಒಕ್ಕೂಟದ ಮಹಿಳೆಯರು ಉಪಸ್ಥಿತರಿದ್ದರು.
ವಿಜಯನಗರ ಪ್ರದೇಶಾಭಿವೃದ್ಧಿ
ಪ್ರಾಧಿಕಾರ: ಅರ್ಜಿ ಆಹ್ವಾನ
ಹೊಸಪೇಟೆ ಟೈಮ್ಸ್ ನ್ಯೂಸ್
ಬಳ್ಳಾರಿ:ವಿಜಯನಗರ ಪ್ರದೇಶಾಭಿವೃದ್ಧಿ ಪ್ರಾಧಿಕಾರದ ಸ್ವಂತ ಯೋಜನಾ ಪ್ರದೇಶದಲ್ಲಿ ಬರುವ ಗ್ರಾಮಗಳಲ್ಲಿ ಭೂ ಮಾಲೀಕರು ಹಾಗೂ ಪ್ರಾಧಿಕಾರದ ವತಿಯಿಂದ ಜಂಟಿ ಸಹಭಾಗಿತ್ವದೊಂದಿಗೆ ಎಲ್ಲಾ ಮೂಲಭೂತ ಸೌಕರ್ಯಗಳೊಂದಿಗೆ ಸುಂದರವಾದ ವಸತಿ ಯೋಜನೆಯನ್ನು ನಿರ್ಮಿಸುತ್ತಿದ್ದು, ನಿವೇಶನ ಪಡೆಯಲು ಅರ್ಹರಿಂದ ಅರ್ಜಿ ಆಹ್ವಾನಿಸಲಾಗಿದೆ. ವಿಜಯನಗರ ಪ್ರದೇಶಾಭಿವೃದ್ಧಿ ಪ್ರಾಧಿಕಾರದ ಸ್ವಂತ ಯೋಜನಾ ಪ್ರದೇಶದಲ್ಲಿ ಬರುವ ಗ್ರಾಮಗಳಲ್ಲಿ ಪ್ರಾಧಿಕಾರದ ವತಿಯಿಂದ ರೈತರ ಸಹಭಾಗಿತ್ವದಲ್ಲಿ ಶೇ.50:50 ಅನುಪಾತದಡಿ ಎಲ್ಲಾ ಮೂಲಭೂತ ಸೌಲಭ್ಯಗಳನ್ನು ಒಳಗೊಂಡ ವಸತಿ ಯೋಜನೆಯನ್ನು ರಚಿಸಿ ಸರ್ಕಾರದ ಅನುಮೋದನೆ ಪಡೆದುಕೊಂಡು ಸುಂದರವಾದ ವಸತಿ ಯೋಜನೆ ಅಭಿವೃದ್ಧಿಪಡಿಸುತ್ತಿದೆ. ಬಡಾವಣೆ ರಚನೆ ಮಾಡುವ ಸಲುವಾಗಿ ಆಸಕ್ತಿ ಇರುವ ಭೂ ಮಾಲೀಕರು ಭೂ ಪರಿಹಾರಕ್ಕೆ ಬದಲಾಗಿ, ಪ್ರಾಧಿಕಾರದಿಂದ ರಚಿಸಿ ಮಾಡುವ ಯೋಜನೆಯಲ್ಲಿನ ನಿವೇಶನಗಳಲ್ಲಿ ಶೇ.50:50 ರ ಅನುಪಾತದಲ್ಲಿ (ಮೂಲೆ ನಿವೇಶನಗಳನ್ನು ಹೊರತುಪಡಿಸಿ) ರೈತರ ಭಾಗದ ಭಾಗಕ್ಕೆ ಶೇ.50 ಪ್ರಾಧಿಕಾರದಿಂದ ಹಂಚಿಕೆ ಮಾಡಲಾಗುವುದು. ಆಸಕ್ತಿಯುಳ್ಳ ಭೂ ಮಾಲೀಕರು ವಿಜಯನಗರ ಪ್ರದೇಶಾಭಿವೃದ್ಧಿ ಪ್ರಾಧಿಕಾರದ ಸ್ವಂತ ಯೋಜನಾ ಪ್ರದೇಶದಲ್ಲಿ ಬರುವ ಗ್ರಾಮಗಳ ಪ್ರದೇಶ ವ್ಯಾಪ್ತಿಯ ಭೂ ಮಾಲೀಕರು / ರೈತರು ಯೋಜನೆಯ ಮಾಹಿತಿಗಾಗಿ ಪ್ರಾಧಿಕಾರದ ಕಚೇರಿಯ ದೂ.08395–295618 ಗೆ ಸಂಪರ್ಕಿಸಬಹುದು ಎಂದು ಪ್ರಾಧಿಕಾರದ ಆಯುಕ್ತ ಕೆ.ಹೆಚ್.ರಾಘವೇಂದ್ರ ಅವರು ಪ್ರಕಟಣೆಯಲ್ಲಿ ತಿಳಿಸಿದ್ದಾರೆ.
ಹೊಸಪೇಟೆ ಟೈಮ್ಸ್
ಕನ್ನಡ ದಿನಪತ್ರಿಕೆ ಆನ್‌ಲೈನ್‌ನಲ್ಲಿ ಮನೆಯಲ್ಲೇ ಕುಳಿತು ಮೊಬೈಲ್‌ನಲ್ಲಿ 'ಹೊಸಪೇಟೆ ಟೈಮ್ಸ್' ಪತ್ರಿಕೆ ಓದಬಹುದು. ಓದುಗರು, ಪತ್ರಿಕೆ ಓದಲು ಗೂಗಲ್ ಅಥವಾ ಕ್ರೋಮ್‌ನಲ್ಲಿ
https://hospettimes.com/
epaper
ಹೊಸಪೇಟೆ ಟೈಮ್ಸ್
ಕಚೇರಿ ವಿಳಾಸ
ಅಪೂರ್ವ ಆಫ್‌ಸೆಟ್ ಪ್ರಿಂಟರ್ಸ್
ಗುರು ಸಚ್ಚಿದಾನಂದ ಲೈನ್ ಮೇನ್‌ಬಜಾರ್, ಹೊಸಪೇಟೆ ವಿಜಯನಗರ ಜಿಲ್ಲೆ.
ಜಾಹೀರಾತುಗಳಿಗಾಗಿ
ಸಂಪರ್ಕಿಸಿ
ಹುಟ್ಟು ಹಬ್ಬದ ಶುಭಾಶಯಗಳು, ವಿದೇಶ ಪ್ರಯಾಣ, ಸ್ವದೇಶಾಗಮನ, ವಧು-ವರರ ಅನ್ವೇಷಣ ಜಾಹೀರಾತುಗಳು, ಜೋತಿಷ್ಯ, ಶ್ರದ್ಧಾಂಜಲಿ, ಮೃತ್ಯು ತಿಥಿ, ಅಭಿನಂದನೆಗಳು, ಹಬ್ಬದ ಮತ್ತು ಇತರೆ ಭಾವನಾತ್ಮಕ ಶುಭಾಶಯಗಳು, ಬೇಕಾಗಿದ್ದಾರೆ, ಮಾರಾಟ, ಬಾಡಿಗೆ, ಇತ್ಯಾದಿಗಳಿಗೆ ಸಂಪರ್ಕಿಸಿ :
9448441484
'ನೀವು ಬರೆಯಿರಿ'
ಹೊಸಪೇಟೆ ಟೈಮ್ಸ್ ಕನ್ನಡ ದಿನಪತ್ರಿಕೆಗೆ ಲೇಖನಗಳು, ಸುದಿ ಚಿತ್ರಗಳು, ವ್ಯಕ್ತಿ ಪರಿಚಯ, ಪುಸ್ತಕ - ಸಿನಿಮಾ-ನಾಟಕ ವಿಮರ್ಶೆಗಳನ್ನು(150 ಪದ ಮೀರದಂತೆ) ಸಂಪಾದಕರಿಗೆ ಪತ್ರ, ದೂರುಗಳು, ಕುಂದು ಕೊರತೆಗಳ ಬಗ್ಗೆ ಬರೆದು ಕಳುಹಿಸಿ
ವಾಟ್ಸ್ ಆಪ್ ನಂ
94484 41484
99802 81752
ಇ-ಮೇಲ್: hospettimes@gmail.com
ಹವಾಮಾನ
ಬುಧ : ಗರಿಷ್ಠ : 40°, ಕನಿಷ್ಠ : 29°
ಗುರು : ಗರಿಷ್ಠ : 41°, ಕನಿಷ್ಠ : 29°
ಹೊಸಪೇಟೆ
ಬುಧ : ಗರಿಷ್ಠ : 40°, ಕನಿಷ್ಠ : 32°
ಗುರು : ಗರಿಷ್ಠ : 41°, ಕನಿಷ್ಠ : 30°
ಸಾರ್ವಜನಿಕರ
ಕುಂದುಕೊರತೆಗಳ
ಅಹವಾಲು ಸ್ವೀಕಾರ/
ಜನ ಸಂಪರ್ಕ ಸಭೆ
ಹೊಸಪೇಟೆ ಟೈಮ್ಸ್ ನ್ಯೂಸ್
ಬಳ್ಳಾರಿ: ಬಳ್ಳಾರಿ ವಿಭಾಗದ ಲೋಕಾಯುಕ್ತ ಪೊಲೀಸ್ ಅಧಿಕಾರಿಗಳಿಂದ ಜಿಲ್ಲೆಯ ವಿವಿಧ ತಾಲ್ಲೂಕು ಕೇಂದ್ರಗಳಲ್ಲಿ ಸಾರ್ವಜನಿಕರಿಂದ ಕುಂದುಕೊರತೆಗಳ ಅಹವಾಲುಗಳ ಸ್ವೀಕಾರ/ಜನ ಸಂಪರ್ಕ ಸಭೆ ಏರ್ಪಡಿಸಲಾಗಿದೆ ಎಂದು ಬಳ್ಳಾರಿ ವಿಭಾಗದ ಲೋಕಾಯುಕ್ತ ಪೊಲೀಸ್ ಅಧೀಕ್ಷಕ ಸಿದ್ದರಾಜು ಕೆ.ಸಿ ಅವರು ತಿಳಿಸಿದ್ದಾರೆ. ಪೊಲೀಸ್ ಅಧೀಕ್ಷಕರಾದ ಸಿದ್ದರಾಜು.ಕೆ.ಸಿ ಮಾರ್ಗದರ್ಶನದಲ್ಲಿ ಪೊಲೀಸ್ ನಿರೀಕ್ಷಕರಾದ ಸುರೇಶ್.ಎಂ.ಬಾಬು ಮತ್ತು ನಾಗರೆಡ್ಡಿ ಅವರ ನೇತೃತ್ವದಲ್ಲಿ ಬಳ್ಳಾರಿ, ಕುರುಗೋಡು, ಸಂಡೂರು ತಾಲ್ಲೂಕು ಕಚೇರಿ ಸಭಾಂಗಣಗಳಲ್ಲಿ ಸಾರ್ವಜನಿಕರ ಅಹವಾಲುಗಳ ಸ್ವೀಕಾರದ ಕಾರ್ಯಕ್ರಮ ನಡೆಯಲಿದೆ. ಅಹವಾಲು ಸ್ವೀಕರಿಸುವ ದಿನ ಮತ್ತು ಸ್ಥಳ: ಮೇ 07 ರಂದು ಬೆಳಿಗ್ಗೆ 11.30 ಗಂಟೆಯಿಂದ ಮಧ್ಯಾಹ್ನ 02 ಗಂಟೆಯವರೆಗೆ ಬಳ್ಳಾರಿ ಹೊಸ ತಹಶೀಲ್ದಾರ್ ಕಚೇರಿ ಸಭಾಂಗಣ. ಮೇ 14 ರಂದು ಬೆಳಿಗ್ಗೆ 11.30 ಗಂಟೆಯಿಂದ ಮಧ್ಯಾಹ್ನ 02 ಗಂಟೆಯವರೆಗೆ ಕುರುಗೋಡು ತಹಶೀಲ್ದಾರ್ ಕಚೇರಿ ಸಭಾಂಗಣ. ಮೇ 17 ರಂದು ಬೆಳಿಗ್ಗೆ 11.30 ಗಂಟೆಯಿಂದ ಮಧ್ಯಾಹ್ನ 02 ಗಂಟೆಯವರೆಗೆ ಸಂಡೂರು ತಹಶೀಲ್ದಾರ್ ಕಚೇರಿ ಸಭಾಂಗಣ ಮತ್ತು ಮೇ 23 ರಂದು ಬೆಳಿಗ್ಗೆ 11.30 ಗಂಟೆಯಿಂದ ಮಧ್ಯಾಹ್ನ 02 ಗಂಟೆಯವರೆಗೆ ಕಂಪ್ಲಿ ತಹಶೀಲ್ದಾರ್ ಕಚೇರಿ ಸಭಾಂಗಣದಲ್ಲಿ ಏರ್ಪಡಿಸಲಾಗಿದೆ. ಕಾರ್ಯಕ್ರಮದಲ್ಲಿ ಕರ್ನಾಟಕ ಲೋಕಾಯುಕ್ತ ಬೆಂಗಳೂರು ಇವರಿಗೆ ಅರ್ಜಿ ಸಲ್ಲಿಸಲು ನಮೂನೆ/ಫಾರಂ ನಂ.01 ಮತ್ತು 02 ಗಳನ್ನು ಸಹ ನೀಡಲಾಗುವುದು. ಕುಂದುಕೊರತೆಗಳ ಬಗ್ಗೆ ಸಾರ್ವಜನಿಕರು ದೂರುಗಳಿದ್ದಲ್ಲಿ ನಿಗದಿಪಡಿಸಿದ ದಿನದಂದು ಅರ್ಜಿ ನಮೂನೆಯಲ್ಲಿ ಅಹವಾಲು ನೀಡಬಹುದು ಎಂದು ಅವರು ಪ್ರಕಟಣೆಯಲ್ಲಿ ತಿಳಿಸಿದ್ದಾರೆ.
